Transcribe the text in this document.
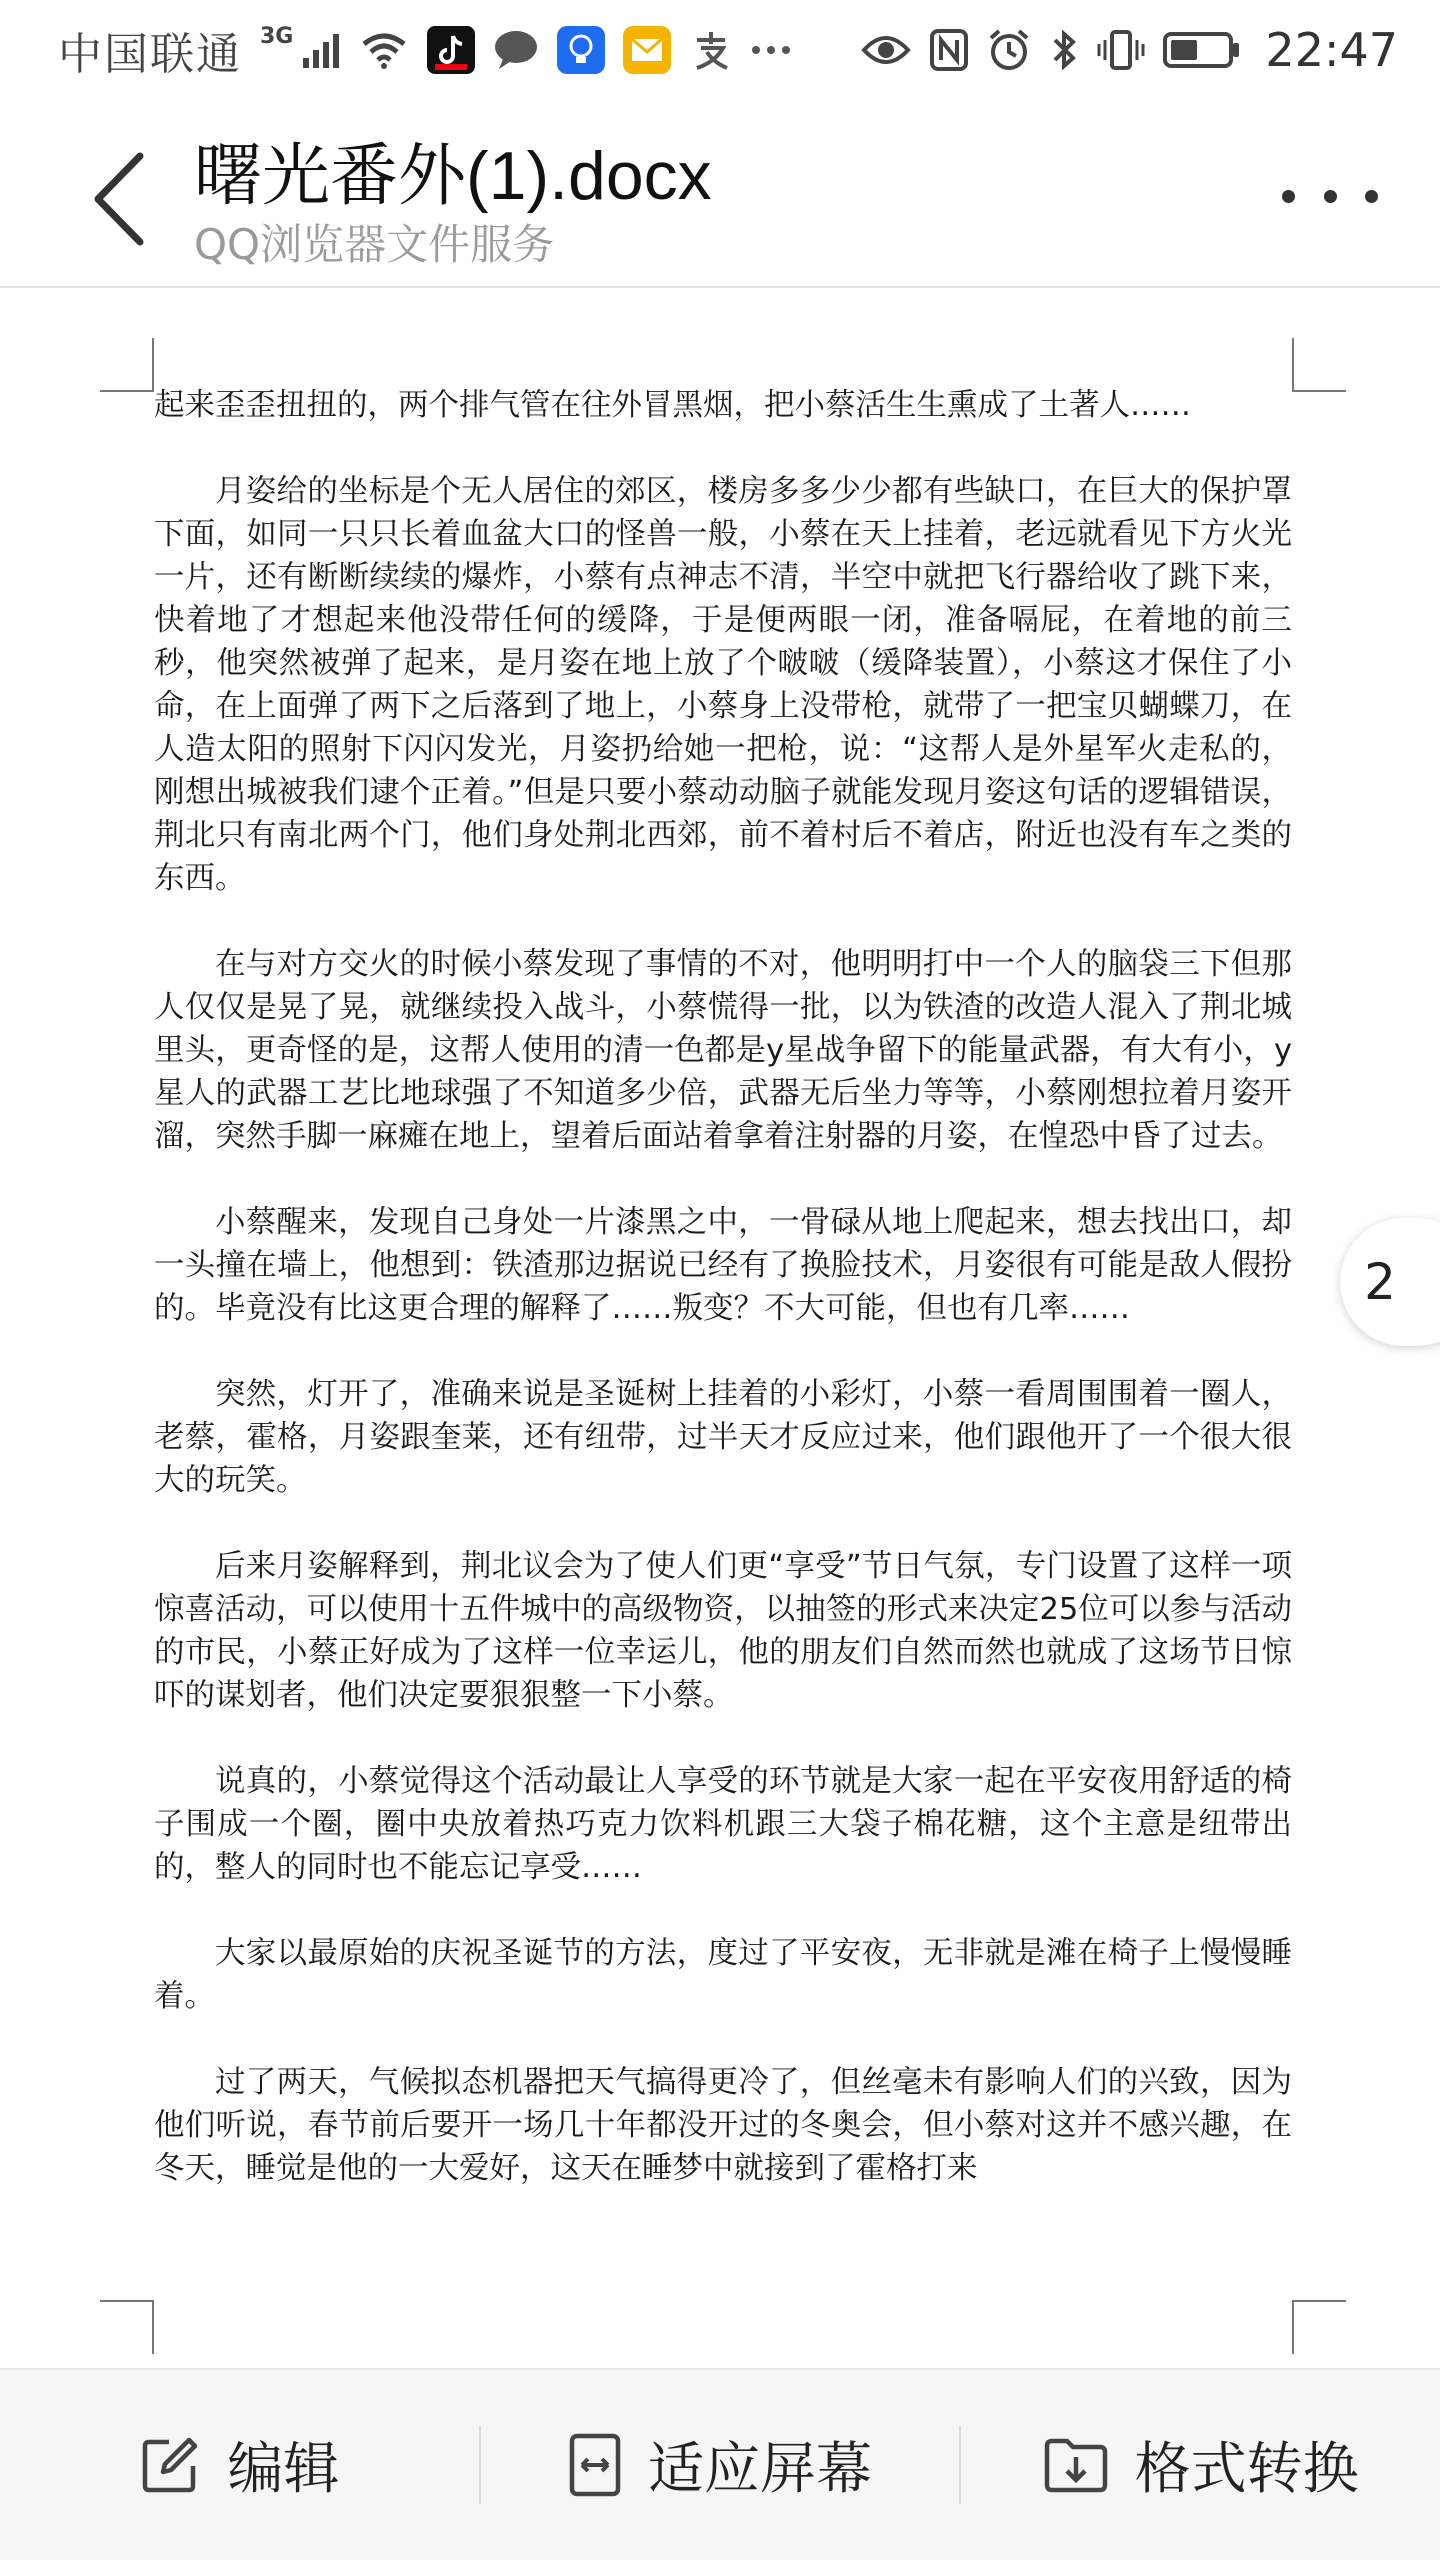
中国联通 3G	22:47
曙光番外(1).docx
QQ浏览器文件服务

起来歪歪扭扭的，两个排气管在往外冒黑烟，把小蔡活生生熏成了土著人……

月姿给的坐标是个无人居住的郊区，楼房多多少少都有些缺口，在巨大的保护罩下面，如同一只只长着血盆大口的怪兽一般，小蔡在天上挂着，老远就看见下方火光一片，还有断断续续的爆炸，小蔡有点神志不清，半空中就把飞行器给收了跳下来，快着地了才想起来他没带任何的缓降，于是便两眼一闭，准备嗝屁，在着地的前三秒，他突然被弹了起来，是月姿在地上放了个啵啵（缓降装置），小蔡这才保住了小命，在上面弹了两下之后落到了地上，小蔡身上没带枪，就带了一把宝贝蝴蝶刀，在人造太阳的照射下闪闪发光，月姿扔给她一把枪，说：“这帮人是外星军火走私的，刚想出城被我们逮个正着。”但是只要小蔡动动脑子就能发现月姿这句话的逻辑错误，荆北只有南北两个门，他们身处荆北西郊，前不着村后不着店，附近也没有车之类的东西。

在与对方交火的时候小蔡发现了事情的不对，他明明打中一个人的脑袋三下但那人仅仅是晃了晃，就继续投入战斗，小蔡慌得一批，以为铁渣的改造人混入了荆北城里头，更奇怪的是，这帮人使用的清一色都是y星战争留下的能量武器，有大有小，y星人的武器工艺比地球强了不知道多少倍，武器无后坐力等等，小蔡刚想拉着月姿开溜，突然手脚一麻瘫在地上，望着后面站着拿着注射器的月姿，在惶恐中昏了过去。

小蔡醒来，发现自己身处一片漆黑之中，一骨碌从地上爬起来，想去找出口，却一头撞在墙上，他想到：铁渣那边据说已经有了换脸技术，月姿很有可能是敌人假扮的。毕竟没有比这更合理的解释了……叛变？不大可能，但也有几率……

突然，灯开了，准确来说是圣诞树上挂着的小彩灯，小蔡一看周围围着一圈人，老蔡，霍格，月姿跟奎莱，还有纽带，过半天才反应过来，他们跟他开了一个很大很大的玩笑。

后来月姿解释到，荆北议会为了使人们更“享受”节日气氛，专门设置了这样一项惊喜活动，可以使用十五件城中的高级物资，以抽签的形式来决定25位可以参与活动的市民，小蔡正好成为了这样一位幸运儿，他的朋友们自然而然也就成了这场节日惊吓的谋划者，他们决定要狠狠整一下小蔡。

说真的，小蔡觉得这个活动最让人享受的环节就是大家一起在平安夜用舒适的椅子围成一个圈，圈中央放着热巧克力饮料机跟三大袋子棉花糖，这个主意是纽带出的，整人的同时也不能忘记享受……

大家以最原始的庆祝圣诞节的方法，度过了平安夜，无非就是滩在椅子上慢慢睡着。

过了两天，气候拟态机器把天气搞得更冷了，但丝毫未有影响人们的兴致，因为他们听说，春节前后要开一场几十年都没开过的冬奥会，但小蔡对这并不感兴趣，在冬天，睡觉是他的一大爱好，这天在睡梦中就接到了霍格打来

2
编辑	适应屏幕	格式转换
